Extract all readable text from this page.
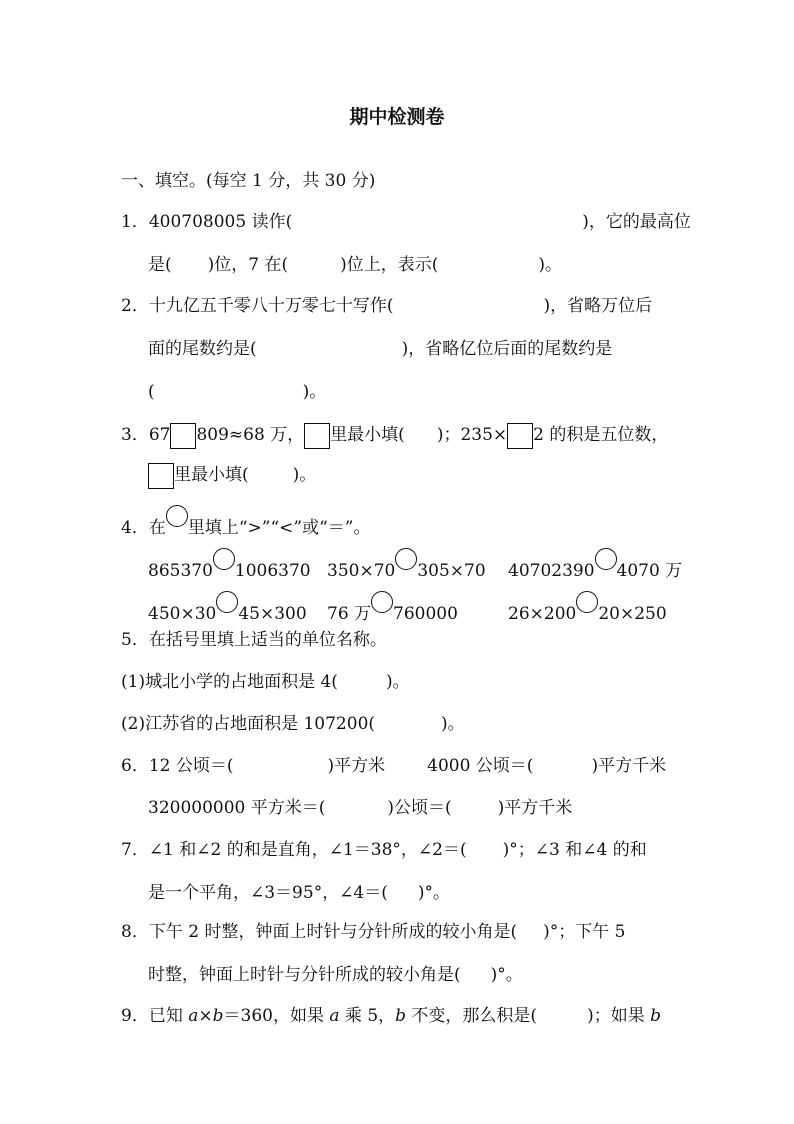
期中检测卷
一、填空。(每空 1 分，共 30 分)
1．400708005 读作(	)，它的最高位
是( )位，7 在(	)位上，表示(	)。
2．十九亿五千零八十万零七十写作(	)，省略万位后
面的尾数约是(	)，省略亿位后面的尾数约是
(	)。
3．67 809≈68 万， 里最小填( )；235× 2 的积是五位数，
里最小填(	)。
4．在 里填上“>”“<”或“＝”。
865370 1006370 350×70 305×70 40702390 4070 万
450×30 45×300 76 万 760000	26×200 20×250
5．在括号里填上适当的单位名称。
(1)城北小学的占地面积是 4(	)。
(2)江苏省的占地面积是 107200(	)。
6．12 公顷＝(	)平方米 4000 公顷＝(	)平方千米
320000000 平方米＝(	)公顷＝(	)平方千米
7．∠1 和∠2 的和是直角，∠1＝38°，∠2＝( )°；∠3 和∠4 的和
是一个平角，∠3＝95°，∠4＝( )°。
8．下午 2 时整，钟面上时针与分针所成的较小角是( )°；下午 5
时整，钟面上时针与分针所成的较小角是( )°。
9．已知 a×b＝360，如果 a 乘 5，b 不变，那么积是(	)；如果 b
